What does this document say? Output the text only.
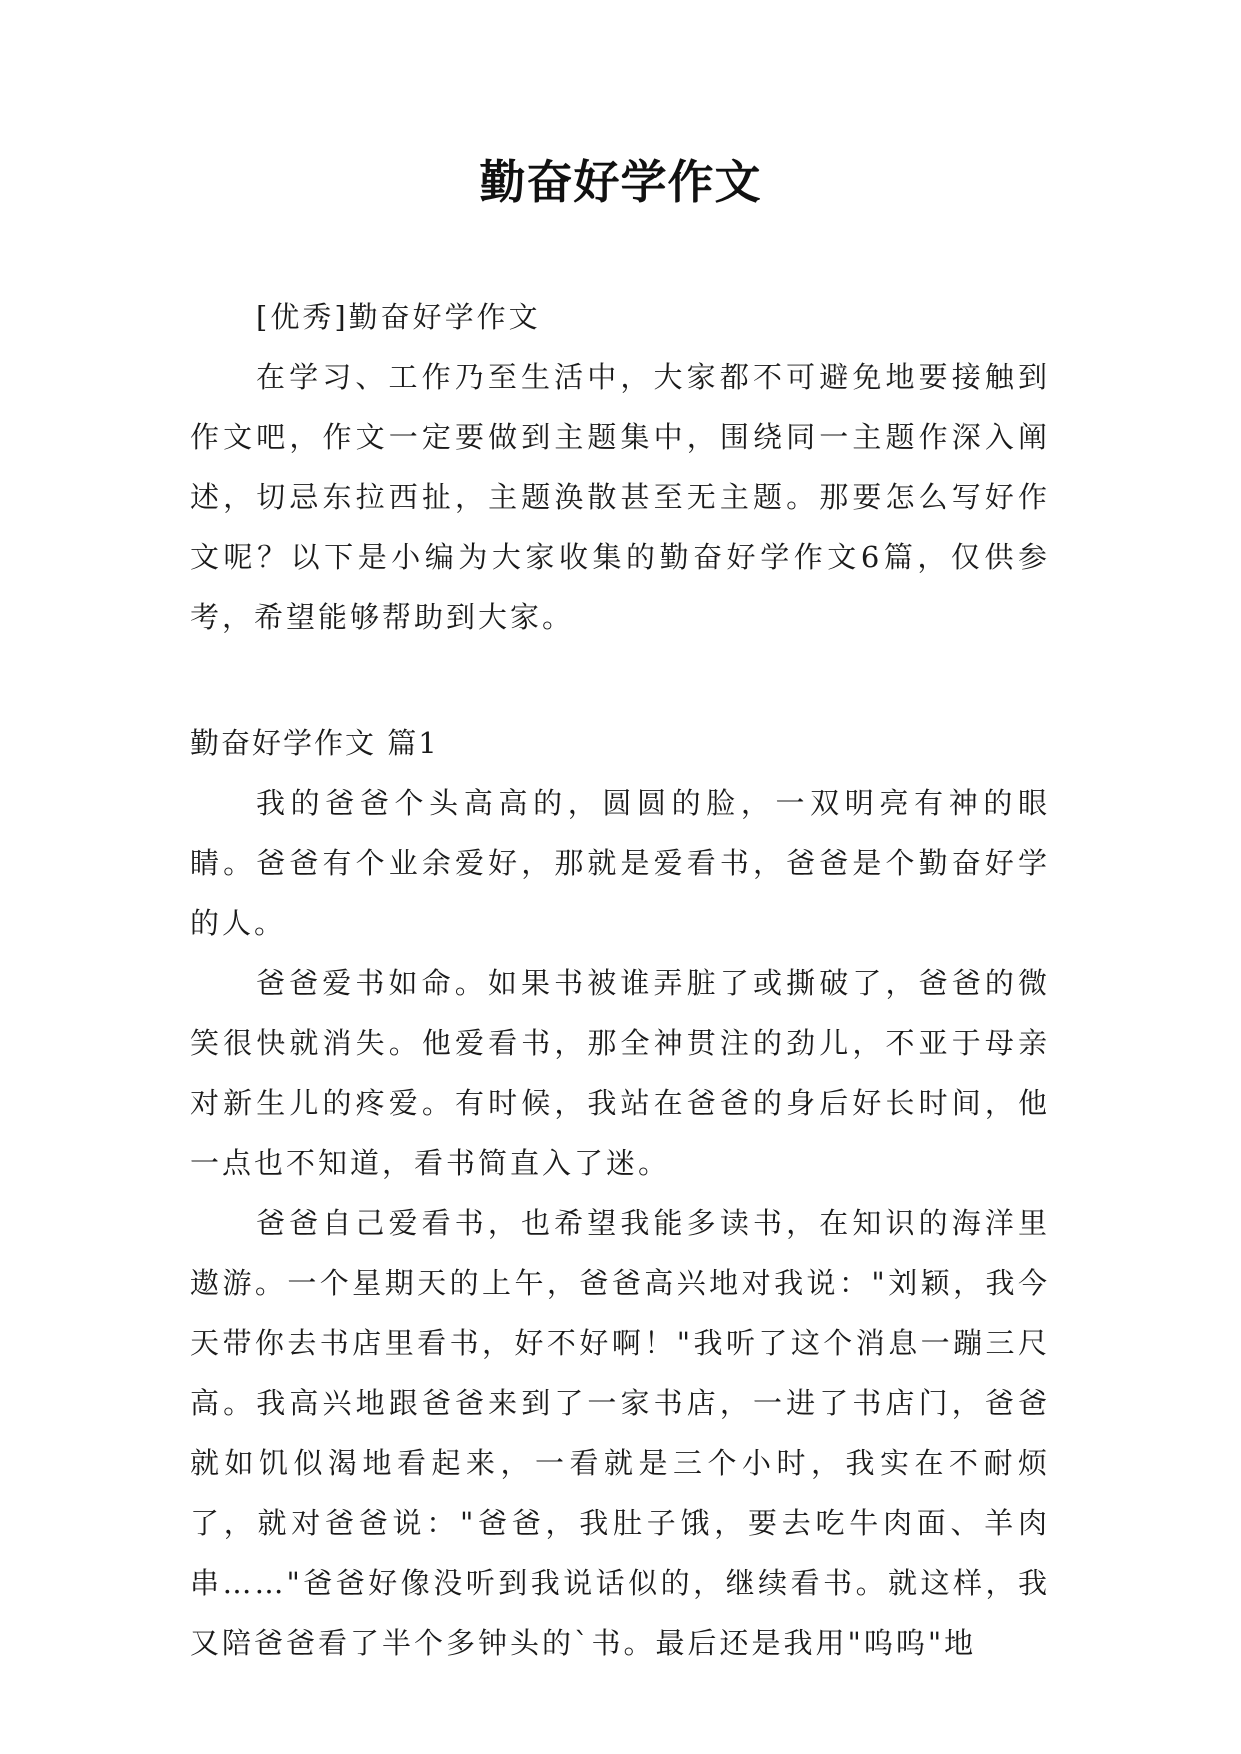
勤奋好学作文

[优秀]勤奋好学作文

在学习、工作乃至生活中，大家都不可避免地要接触到作文吧，作文一定要做到主题集中，围绕同一主题作深入阐述，切忌东拉西扯，主题涣散甚至无主题。那要怎么写好作文呢？以下是小编为大家收集的勤奋好学作文6篇，仅供参考，希望能够帮助到大家。

勤奋好学作文 篇1

我的爸爸个头高高的，圆圆的脸，一双明亮有神的眼睛。爸爸有个业余爱好，那就是爱看书，爸爸是个勤奋好学的人。

爸爸爱书如命。如果书被谁弄脏了或撕破了，爸爸的微笑很快就消失。他爱看书，那全神贯注的劲儿，不亚于母亲对新生儿的疼爱。有时候，我站在爸爸的身后好长时间，他一点也不知道，看书简直入了迷。

爸爸自己爱看书，也希望我能多读书，在知识的海洋里遨游。一个星期天的上午，爸爸高兴地对我说："刘颖，我今天带你去书店里看书，好不好啊！"我听了这个消息一蹦三尺高。我高兴地跟爸爸来到了一家书店，一进了书店门，爸爸就如饥似渴地看起来，一看就是三个小时，我实在不耐烦了，就对爸爸说："爸爸，我肚子饿，要去吃牛肉面、羊肉串……"爸爸好像没听到我说话似的，继续看书。就这样，我又陪爸爸看了半个多钟头的`书。最后还是我用"呜呜"地
